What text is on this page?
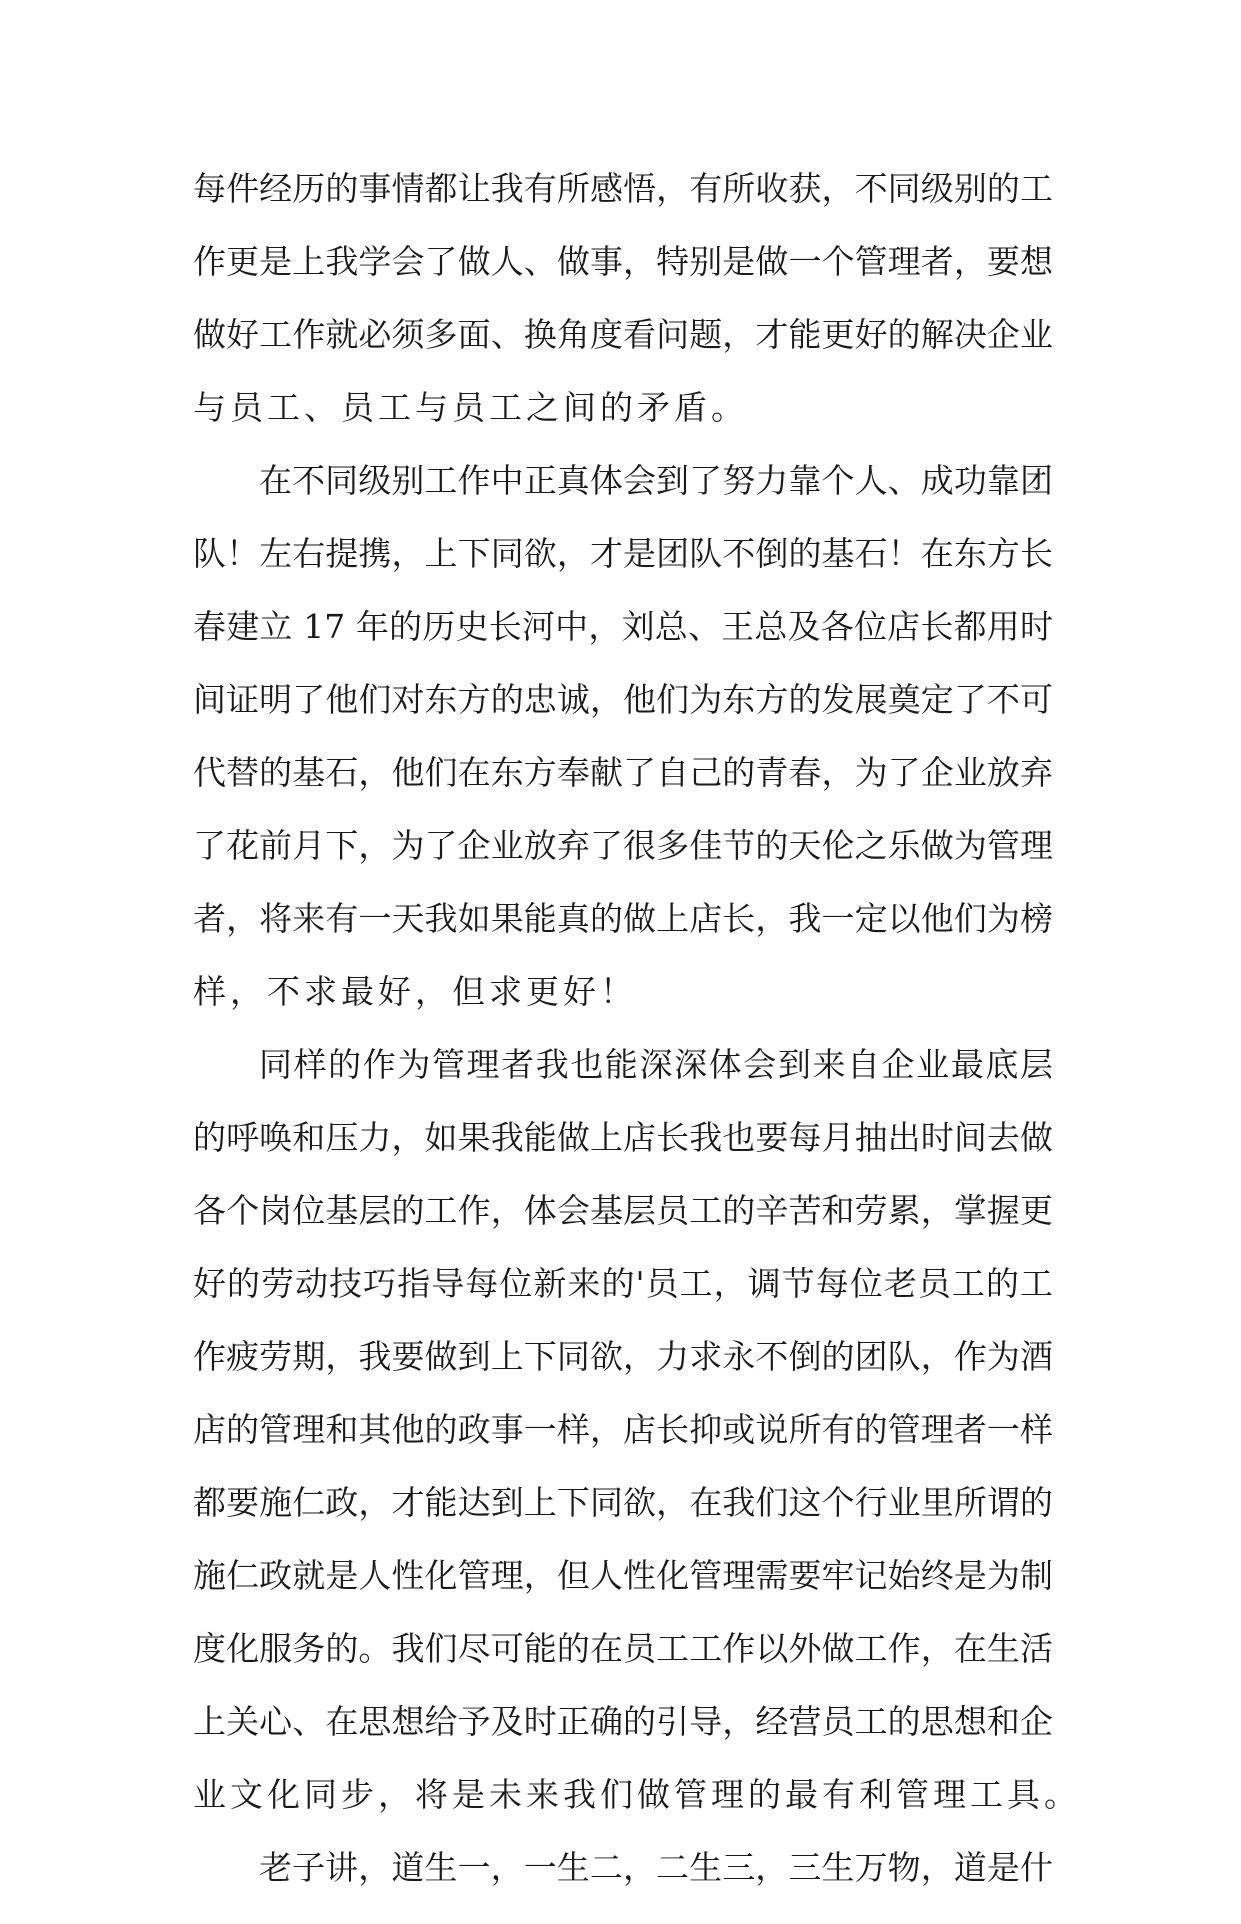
每件经历的事情都让我有所感悟，有所收获，不同级别的工
作更是上我学会了做人、做事，特别是做一个管理者，要想
做好工作就必须多面、换角度看问题，才能更好的解决企业
与员工、员工与员工之间的矛盾。
在不同级别工作中正真体会到了努力靠个人、成功靠团
队！左右提携，上下同欲，才是团队不倒的基石！在东方长
春建立 17 年的历史长河中，刘总、王总及各位店长都用时
间证明了他们对东方的忠诚，他们为东方的发展奠定了不可
代替的基石，他们在东方奉献了自己的青春，为了企业放弃
了花前月下，为了企业放弃了很多佳节的天伦之乐做为管理
者，将来有一天我如果能真的做上店长，我一定以他们为榜
样，不求最好，但求更好！
同样的作为管理者我也能深深体会到来自企业最底层
的呼唤和压力，如果我能做上店长我也要每月抽出时间去做
各个岗位基层的工作，体会基层员工的辛苦和劳累，掌握更
好的劳动技巧指导每位新来的'员工，调节每位老员工的工
作疲劳期，我要做到上下同欲，力求永不倒的团队，作为酒
店的管理和其他的政事一样，店长抑或说所有的管理者一样
都要施仁政，才能达到上下同欲，在我们这个行业里所谓的
施仁政就是人性化管理，但人性化管理需要牢记始终是为制
度化服务的。我们尽可能的在员工工作以外做工作，在生活
上关心、在思想给予及时正确的引导，经营员工的思想和企
业文化同步，将是未来我们做管理的最有利管理工具。
老子讲，道生一，一生二，二生三，三生万物，道是什
